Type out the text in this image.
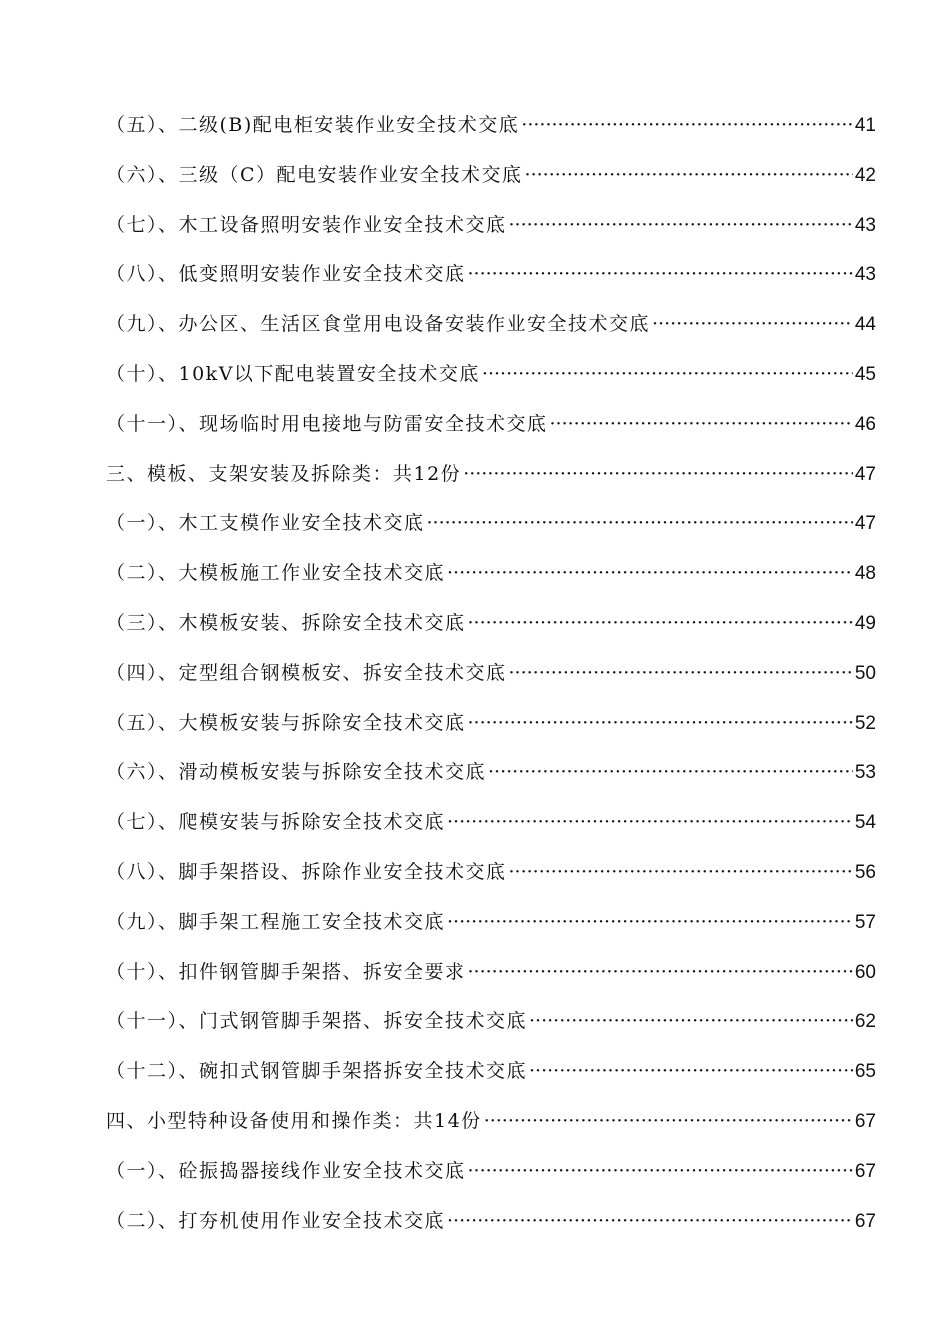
（五）、二级(B)配电柜安装作业安全技术交底 ·····	41
（六）、三级（C）配电安装作业安全技术交底 ·····	42
（七）、木工设备照明安装作业安全技术交底 ·····	43
（八）、低变照明安装作业安全技术交底 ·····	43
（九）、办公区、生活区食堂用电设备安装作业安全技术交底 ·····	44
（十）、10kV以下配电装置安全技术交底 ·····	45
（十一）、现场临时用电接地与防雷安全技术交底 ·····	46
三、模板、支架安装及拆除类：共12份 ·····	47
（一）、木工支模作业安全技术交底 ·····	47
（二）、大模板施工作业安全技术交底 ·····	48
（三）、木模板安装、拆除安全技术交底 ·····	49
（四）、定型组合钢模板安、拆安全技术交底 ·····	50
（五）、大模板安装与拆除安全技术交底 ·····	52
（六）、滑动模板安装与拆除安全技术交底 ·····	53
（七）、爬模安装与拆除安全技术交底 ·····	54
（八）、脚手架搭设、拆除作业安全技术交底 ·····	56
（九）、脚手架工程施工安全技术交底 ·····	57
（十）、扣件钢管脚手架搭、拆安全要求 ·····	60
（十一）、门式钢管脚手架搭、拆安全技术交底 ·····	62
（十二）、碗扣式钢管脚手架搭拆安全技术交底 ·····	65
四、小型特种设备使用和操作类：共14份 ·····	67
（一）、砼振捣器接线作业安全技术交底 ·····	67
（二）、打夯机使用作业安全技术交底 ·····	67
